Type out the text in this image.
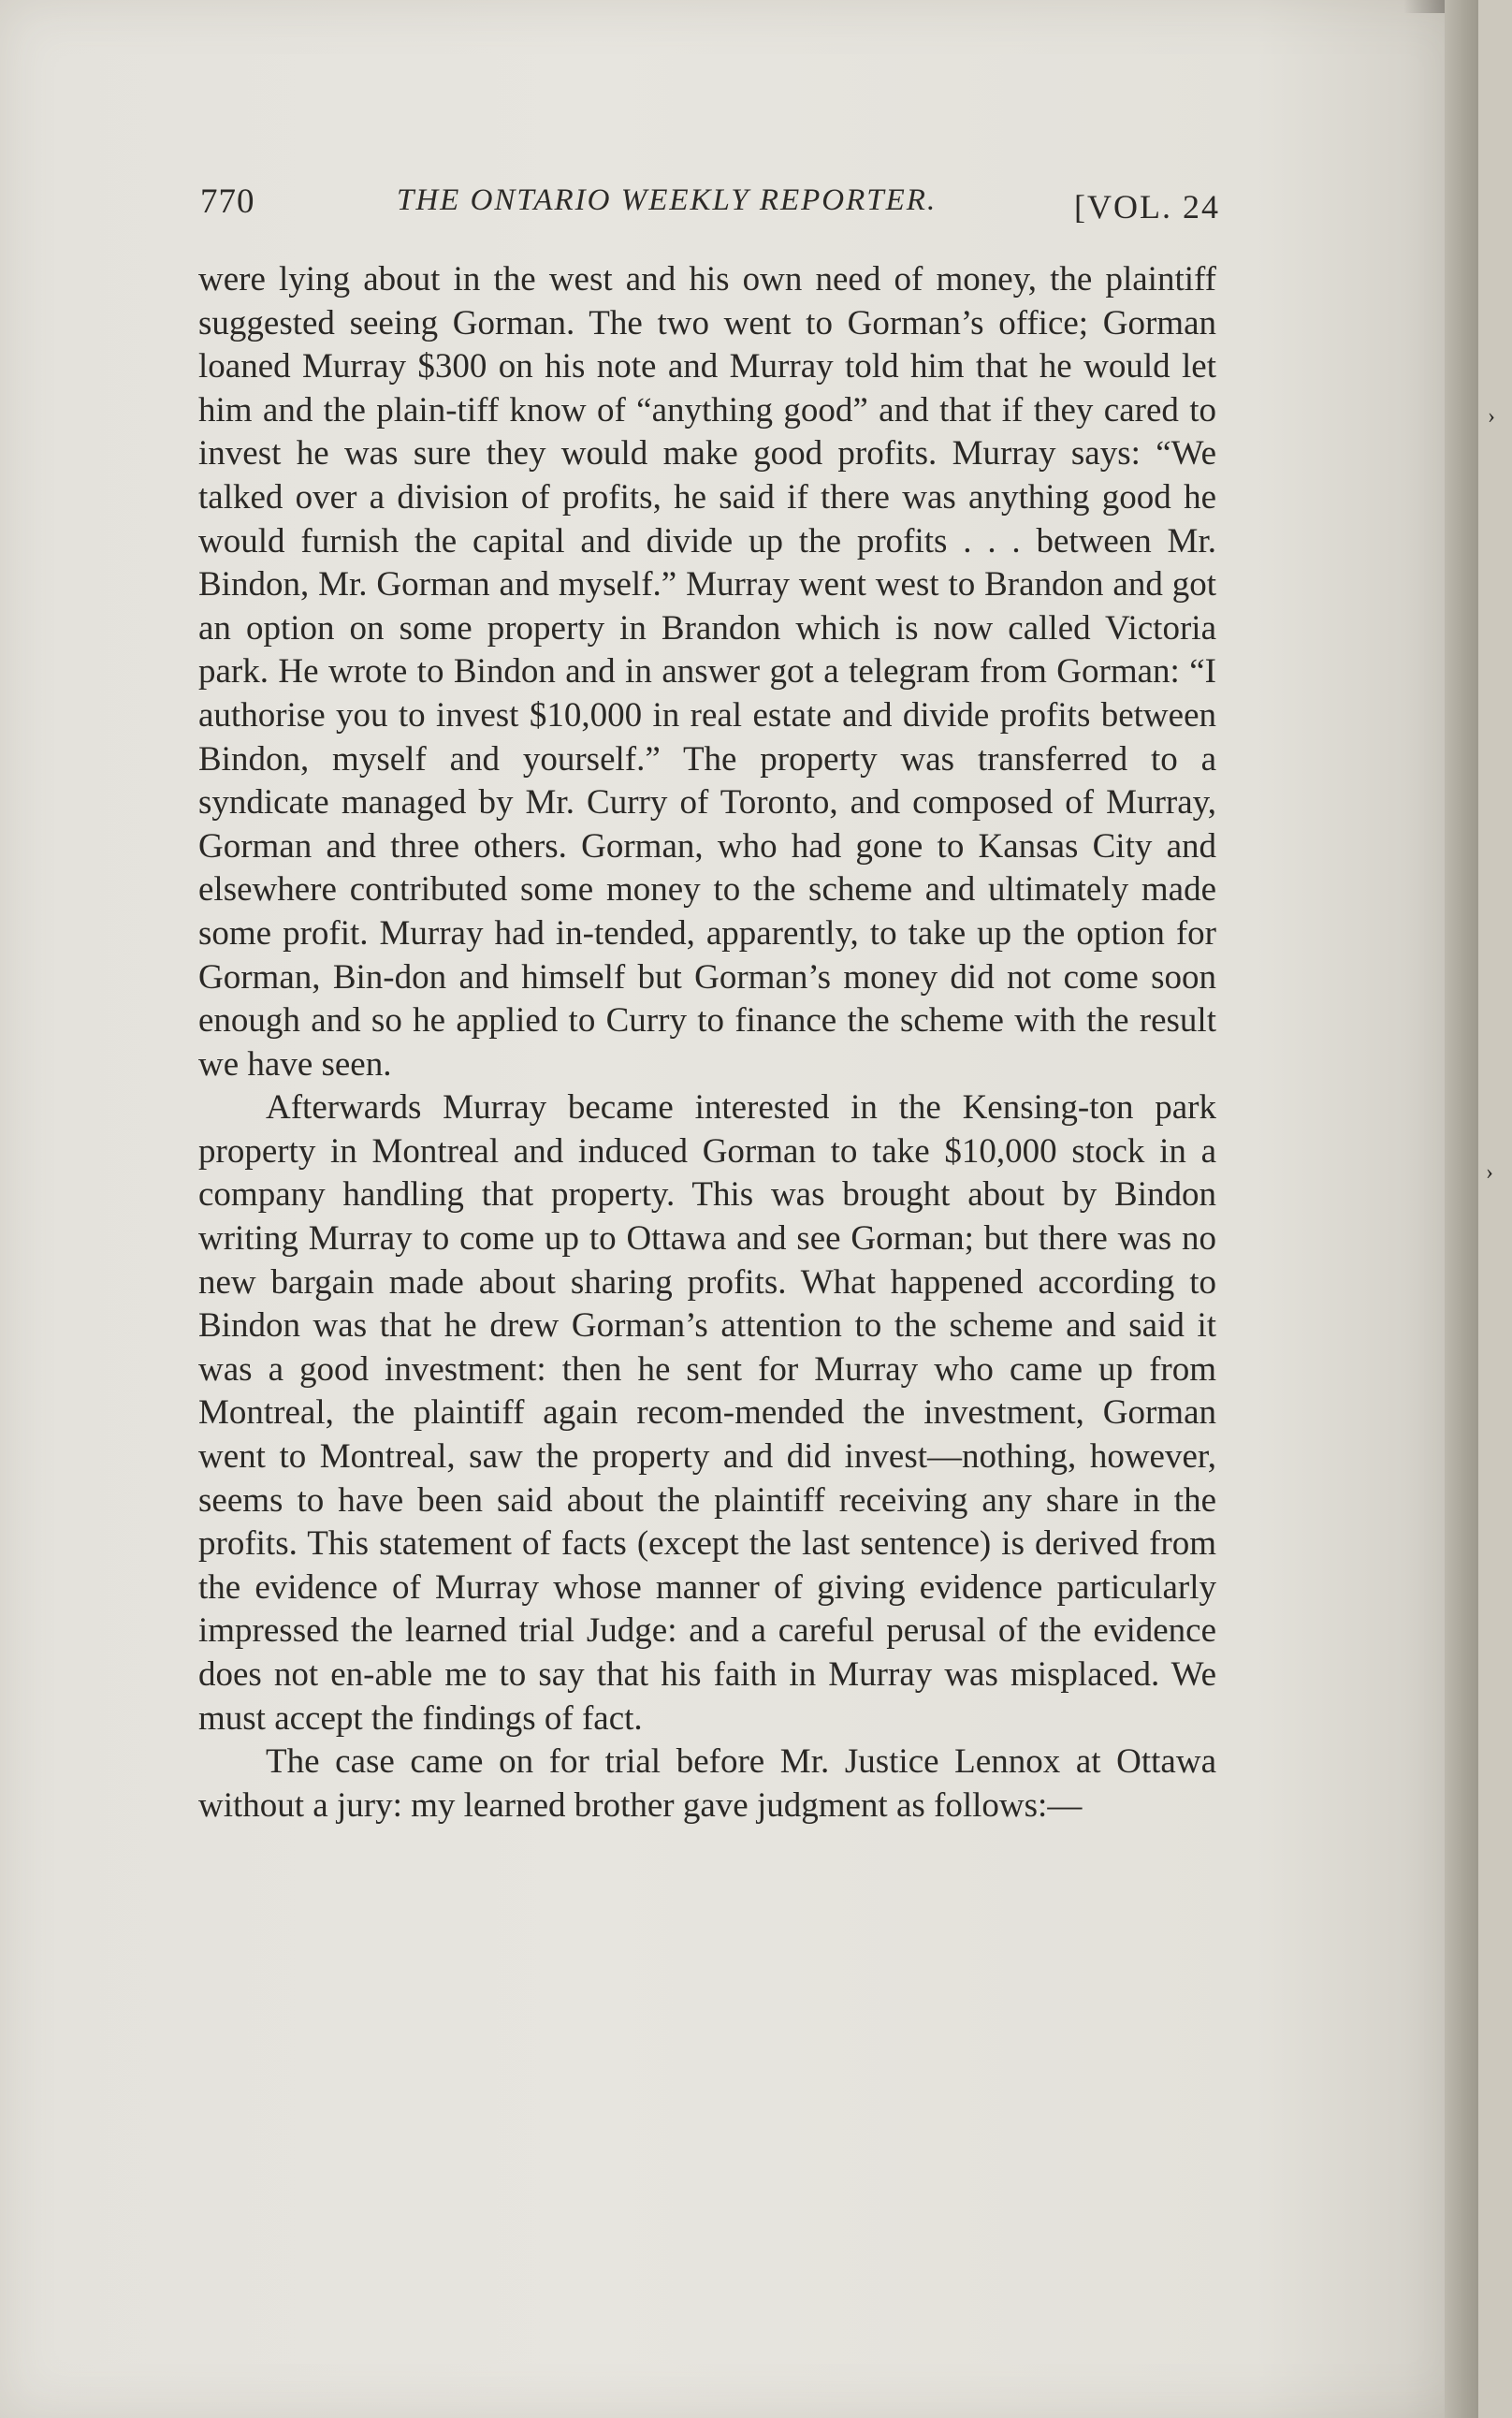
770	THE ONTARIO WEEKLY REPORTER.	[VOL. 24

were lying about in the west and his own need of money, the plaintiff suggested seeing Gorman. The two went to Gorman’s office; Gorman loaned Murray $300 on his note and Murray told him that he would let him and the plain-tiff know of “anything good” and that if they cared to invest he was sure they would make good profits. Murray says: “We talked over a division of profits, he said if there was anything good he would furnish the capital and divide up the profits . . . between Mr. Bindon, Mr. Gorman and myself.” Murray went west to Brandon and got an option on some property in Brandon which is now called Victoria park. He wrote to Bindon and in answer got a telegram from Gorman: “I authorise you to invest $10,000 in real estate and divide profits between Bindon, myself and yourself.” The property was transferred to a syndicate managed by Mr. Curry of Toronto, and composed of Murray, Gorman and three others. Gorman, who had gone to Kansas City and elsewhere contributed some money to the scheme and ultimately made some profit. Murray had in-tended, apparently, to take up the option for Gorman, Bin-don and himself but Gorman’s money did not come soon enough and so he applied to Curry to finance the scheme with the result we have seen.

Afterwards Murray became interested in the Kensing-ton park property in Montreal and induced Gorman to take $10,000 stock in a company handling that property. This was brought about by Bindon writing Murray to come up to Ottawa and see Gorman; but there was no new bargain made about sharing profits. What happened according to Bindon was that he drew Gorman’s attention to the scheme and said it was a good investment: then he sent for Murray who came up from Montreal, the plaintiff again recom-mended the investment, Gorman went to Montreal, saw the property and did invest—nothing, however, seems to have been said about the plaintiff receiving any share in the profits. This statement of facts (except the last sentence) is derived from the evidence of Murray whose manner of giving evidence particularly impressed the learned trial Judge: and a careful perusal of the evidence does not en-able me to say that his faith in Murray was misplaced. We must accept the findings of fact.

The case came on for trial before Mr. Justice Lennox at Ottawa without a jury: my learned brother gave judgment as follows:—

›
›
